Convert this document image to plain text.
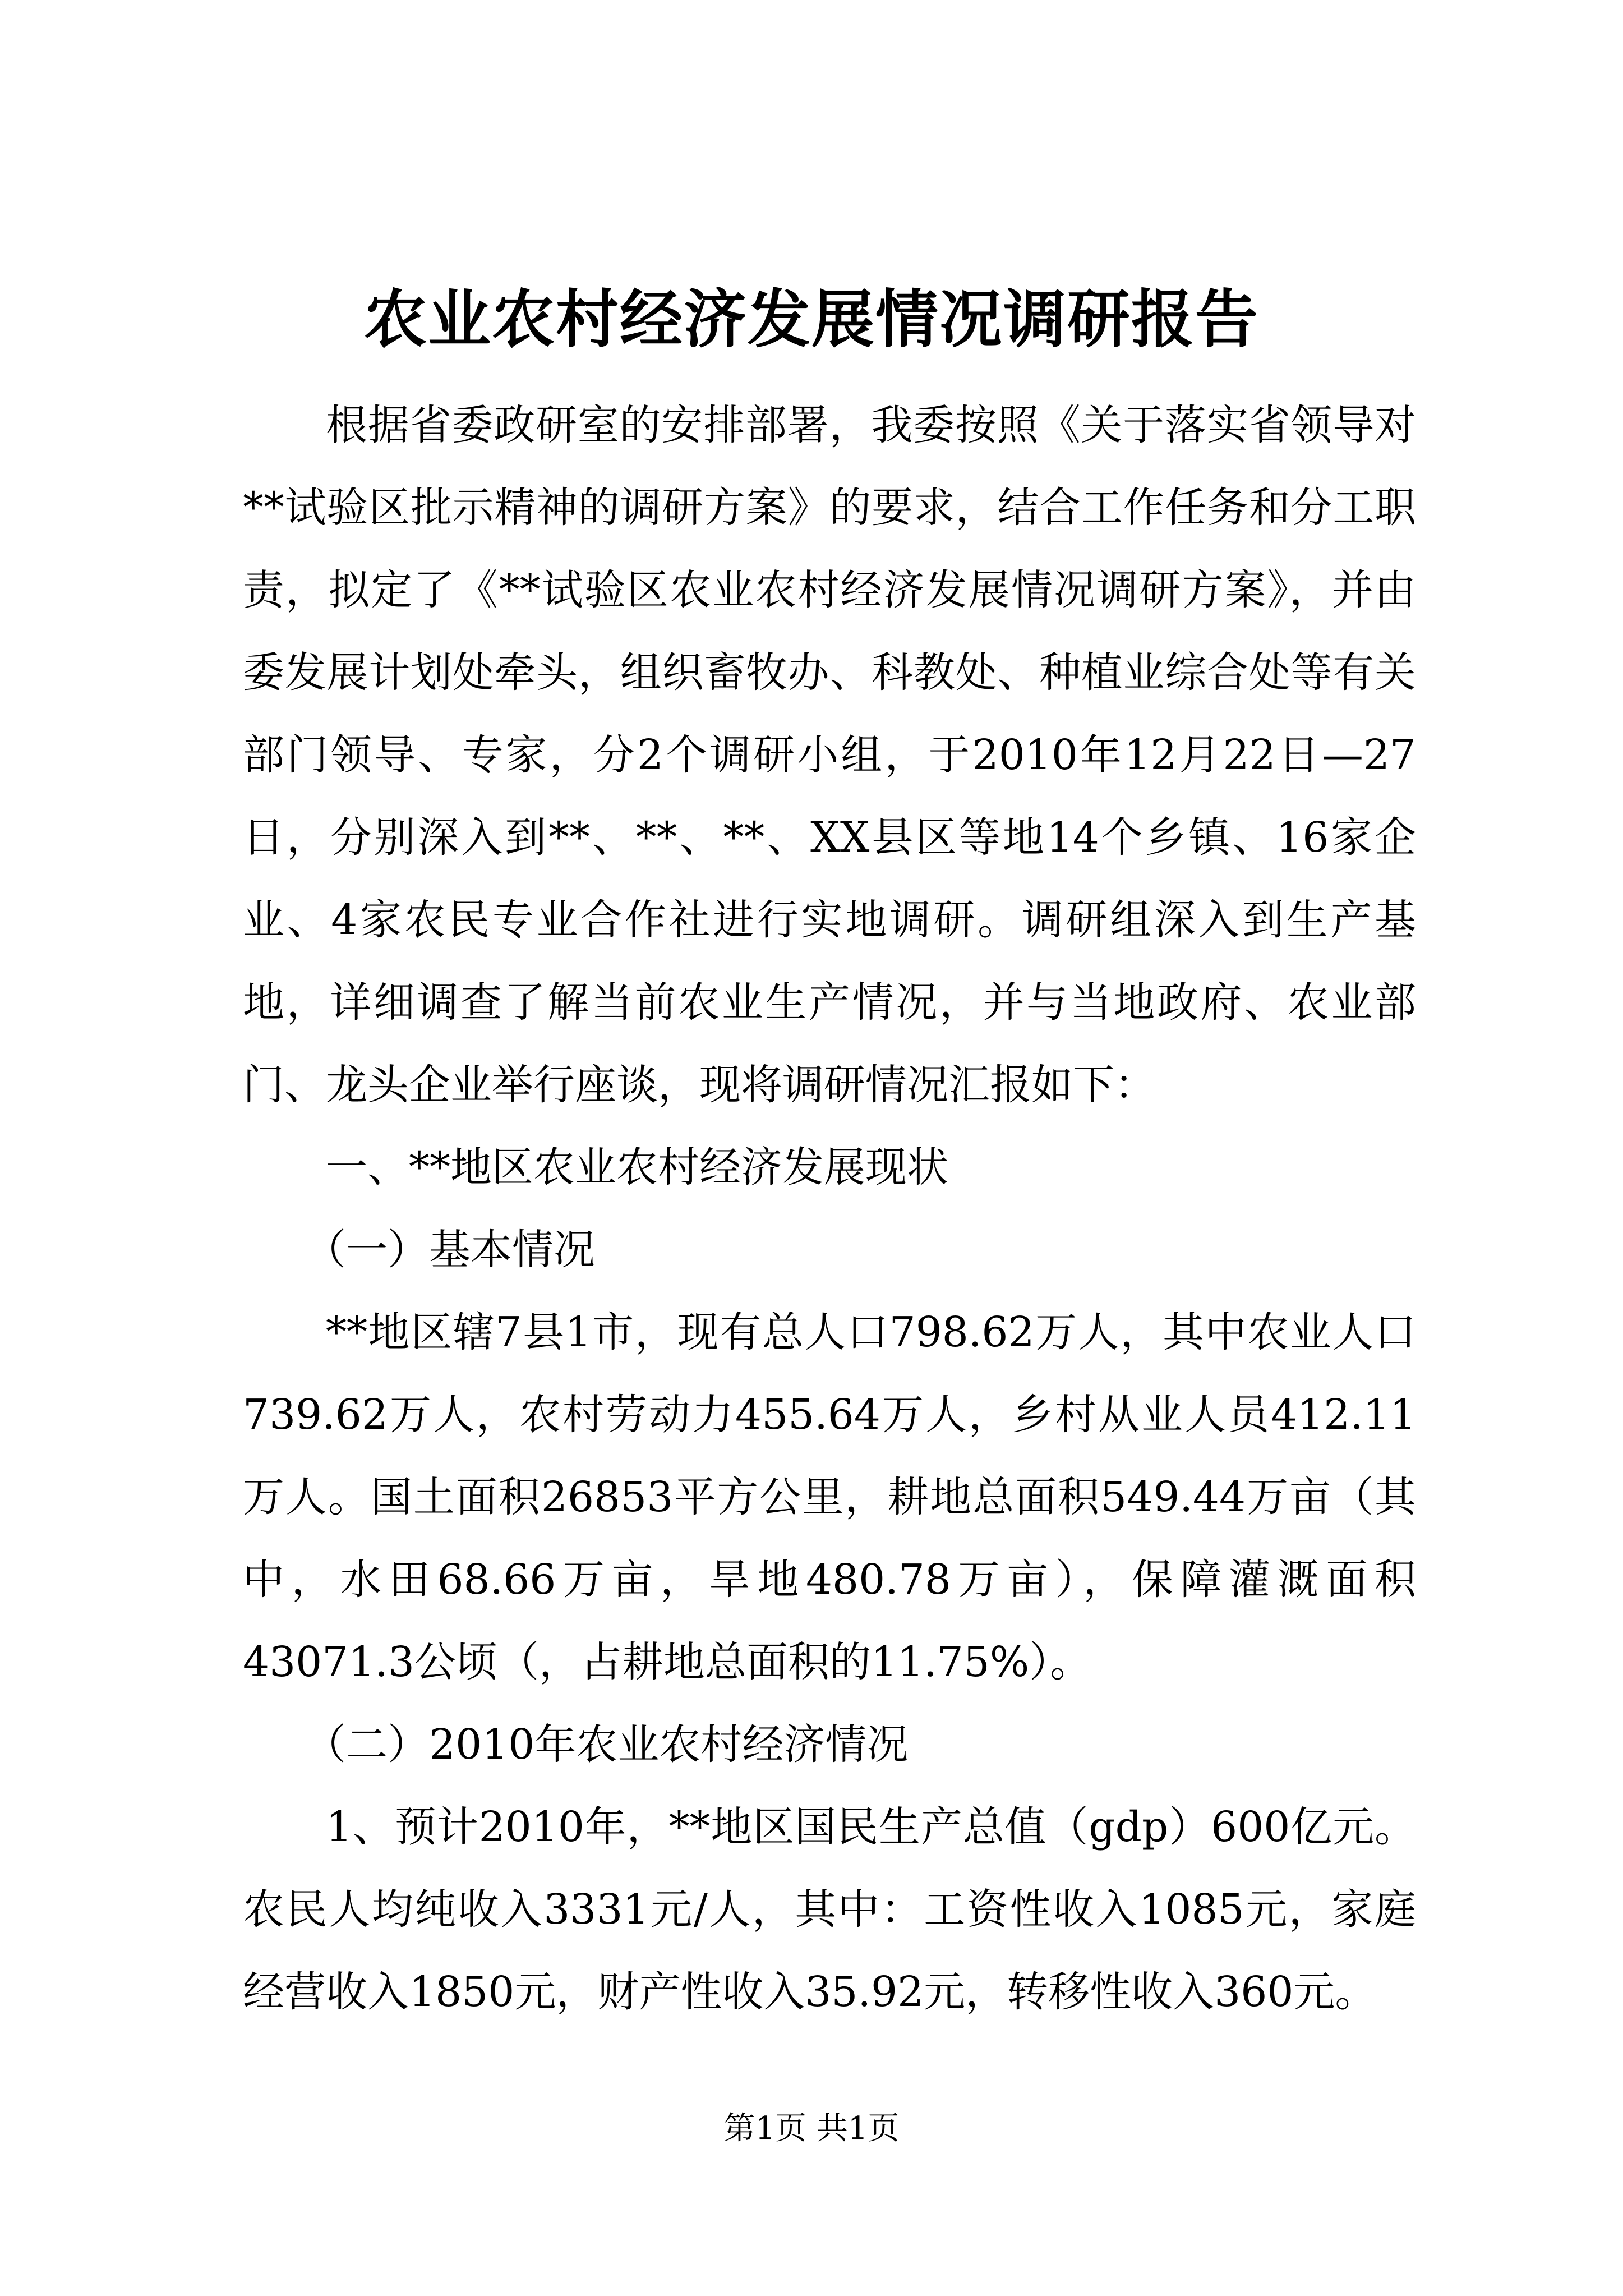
农业农村经济发展情况调研报告

根据省委政研室的安排部署，我委按照《关于落实省领导对**试验区批示精神的调研方案》的要求，结合工作任务和分工职责，拟定了《**试验区农业农村经济发展情况调研方案》，并由委发展计划处牵头，组织畜牧办、科教处、种植业综合处等有关部门领导、专家，分2个调研小组，于2010年12月22日—27日，分别深入到**、**、**、XX县区等地14个乡镇、16家企业、4家农民专业合作社进行实地调研。调研组深入到生产基地，详细调查了解当前农业生产情况，并与当地政府、农业部门、龙头企业举行座谈，现将调研情况汇报如下：

一、**地区农业农村经济发展现状

（一）基本情况

**地区辖7县1市，现有总人口798.62万人，其中农业人口739.62万人，农村劳动力455.64万人，乡村从业人员412.11万人。国土面积26853平方公里，耕地总面积549.44万亩（其中，水田68.66万亩，旱地480.78万亩），保障灌溉面积43071.3公顷（，占耕地总面积的11.75%）。

（二）2010年农业农村经济情况

1、预计2010年，**地区国民生产总值（gdp）600亿元。农民人均纯收入3331元/人，其中：工资性收入1085元，家庭经营收入1850元，财产性收入35.92元，转移性收入360元。

第1页 共1页
